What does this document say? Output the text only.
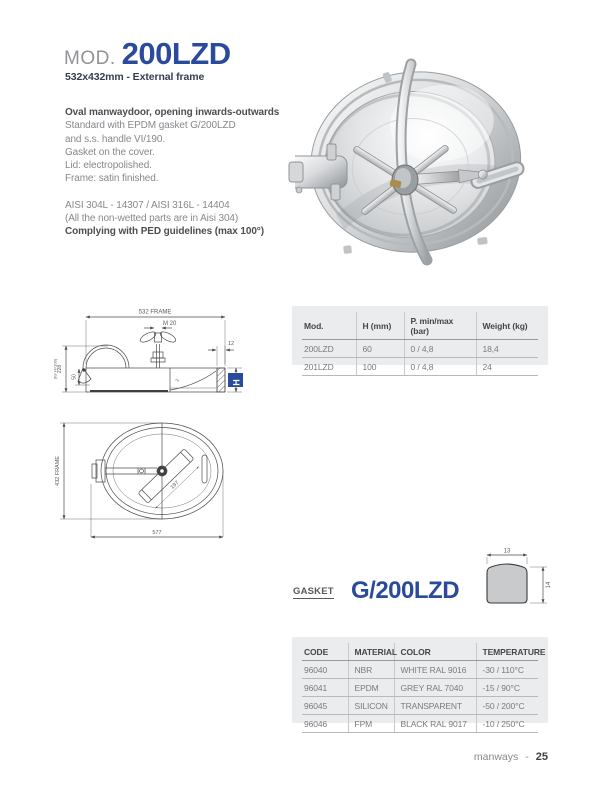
MOD. 200LZD
532x432mm - External frame
Oval manwaydoor, opening inwards-outwards
Standard with EPDM gasket G/200LZD
and s.s. handle VI/190.
Gasket on the cover.
Lid: electropolished.
Frame: satin finished.
AISI 304L - 14307 / AISI 316L - 14404
(All the non-wetted parts are in Aisi 304)
Complying with PED guidelines (max 100°)
H
532 FRAME
M 20
12
228
(for H=100)	50
2
Mod.	H (mm)	P. min/max (bar)	Weight (kg)
200LZD	60	0 / 4,8	18,4
201LZD	100	0 / 4,8	24
432 FRAME
577
197
GASKET G/200LZD
13
14
CODE	MATERIAL	COLOR	TEMPERATURE
96040	NBR	WHITE RAL 9016	-30 / 110°C
96041	EPDM	GREY RAL 7040	-15 / 90°C
96045	SILICON	TRANSPARENT	-50 / 200°C
96046	FPM	BLACK RAL 9017	-10 / 250°C
manways - 25
